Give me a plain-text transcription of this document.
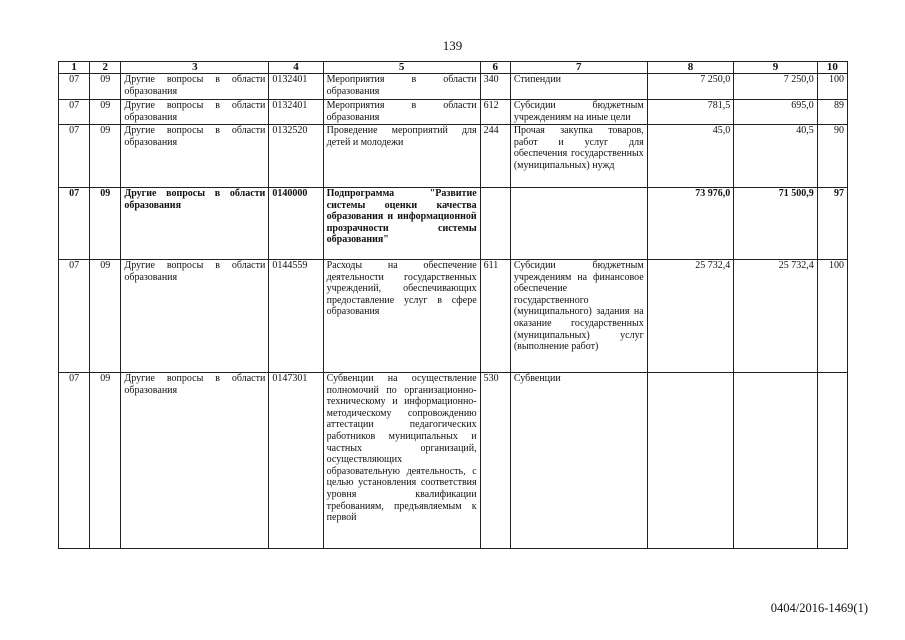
139
1	2	3	4	5	6	7	8	9	10
07	09	Другие вопросы в области образования	0132401	Мероприятия в области образования	340	Стипендии	7 250,0	7 250,0	100
07	09	Другие вопросы в области образования	0132401	Мероприятия в области образования	612	Субсидии бюджетным учреждениям на иные цели	781,5	695,0	89
07	09	Другие вопросы в области образования	0132520	Проведение мероприятий для детей и молодежи	244	Прочая закупка товаров, работ и услуг для обеспечения государственных (муниципальных) нужд	45,0	40,5	90
07	09	Другие вопросы в области образования	0140000	Подпрограмма "Развитие системы оценки качества образования и информационной прозрачности системы образования"			73 976,0	71 500,9	97
07	09	Другие вопросы в области образования	0144559	Расходы на обеспечение деятельности государственных учреждений, обеспечивающих предоставление услуг в сфере образования	611	Субсидии бюджетным учреждениям на финансовое обеспечение государственного (муниципального) задания на оказание государственных (муниципальных) услуг (выполнение работ)	25 732,4	25 732,4	100
07	09	Другие вопросы в области образования	0147301	Субвенции на осуществление полномочий по организационно-техническому и информационно-методическому сопровождению аттестации педагогических работников муниципальных и частных организаций, осуществляющих образовательную деятельность, с целью установления соответствия уровня квалификации требованиям, предъявляемым к первой	530	Субвенции			
0404/2016-1469(1)
